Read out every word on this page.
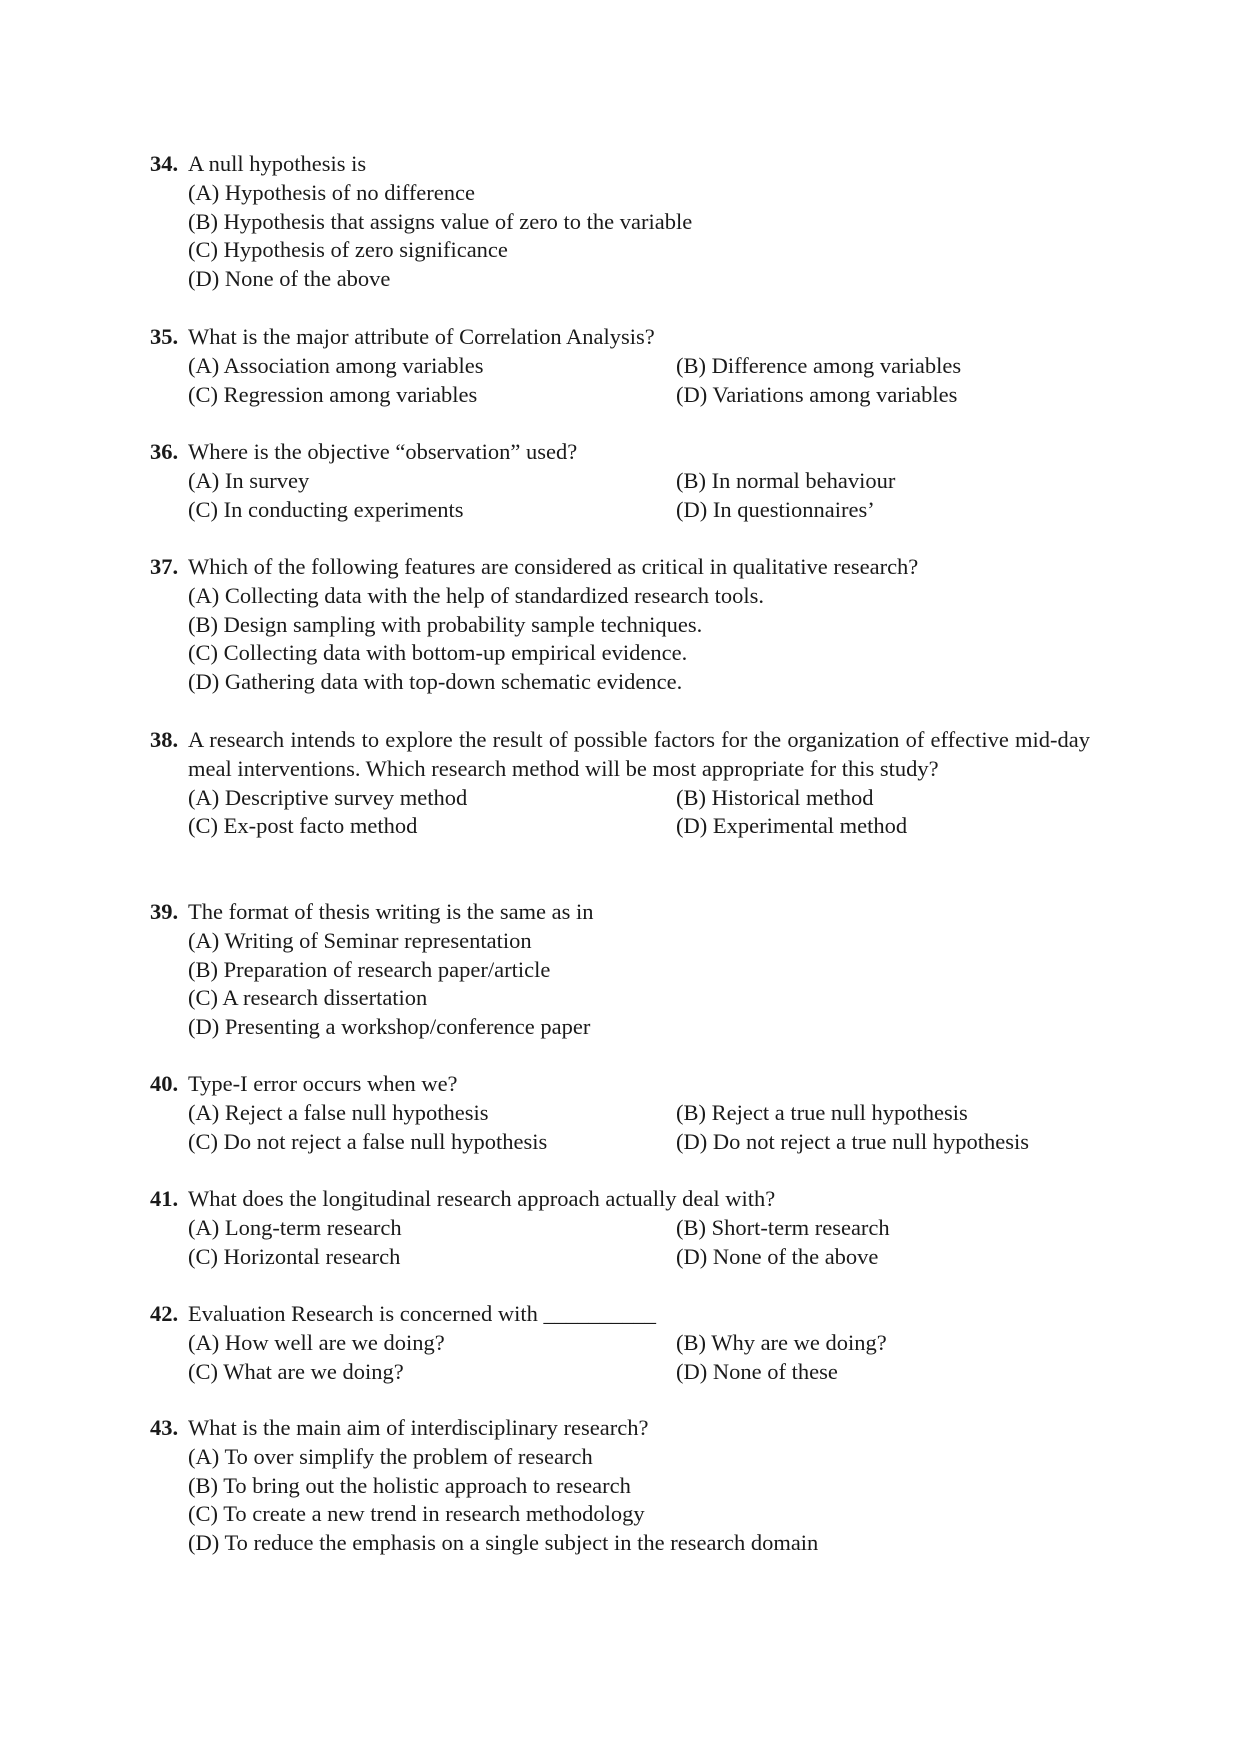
34. A null hypothesis is
(A) Hypothesis of no difference
(B) Hypothesis that assigns value of zero to the variable
(C) Hypothesis of zero significance
(D) None of the above
35. What is the major attribute of Correlation Analysis?
(A) Association among variables	(B) Difference among variables
(C) Regression among variables	(D) Variations among variables
36. Where is the objective “observation” used?
(A) In survey	(B) In normal behaviour
(C) In conducting experiments	(D) In questionnaires’
37. Which of the following features are considered as critical in qualitative research?
(A) Collecting data with the help of standardized research tools.
(B) Design sampling with probability sample techniques.
(C) Collecting data with bottom-up empirical evidence.
(D) Gathering data with top-down schematic evidence.
38. A research intends to explore the result of possible factors for the organization of effective mid-day meal interventions. Which research method will be most appropriate for this study?
(A) Descriptive survey method	(B) Historical method
(C) Ex-post facto method	(D) Experimental method
39. The format of thesis writing is the same as in
(A) Writing of Seminar representation
(B) Preparation of research paper/article
(C) A research dissertation
(D) Presenting a workshop/conference paper
40. Type-I error occurs when we?
(A) Reject a false null hypothesis	(B) Reject a true null hypothesis
(C) Do not reject a false null hypothesis	(D) Do not reject a true null hypothesis
41. What does the longitudinal research approach actually deal with?
(A) Long-term research	(B) Short-term research
(C) Horizontal research	(D) None of the above
42. Evaluation Research is concerned with __________
(A) How well are we doing?	(B) Why are we doing?
(C) What are we doing?	(D) None of these
43. What is the main aim of interdisciplinary research?
(A) To over simplify the problem of research
(B) To bring out the holistic approach to research
(C) To create a new trend in research methodology
(D) To reduce the emphasis on a single subject in the research domain
